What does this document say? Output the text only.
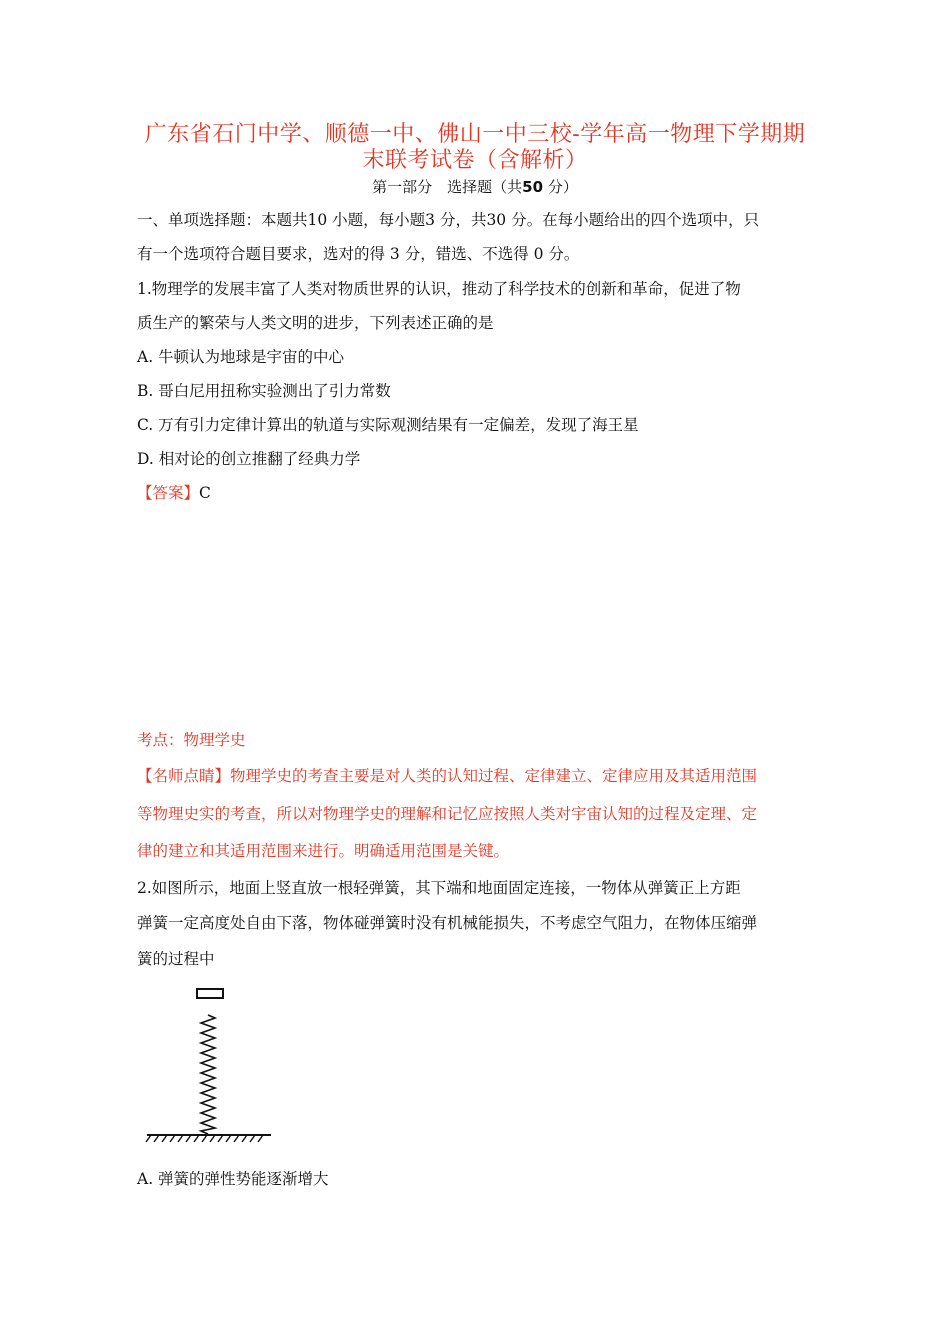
广东省石门中学、顺德一中、佛山一中三校-学年高一物理下学期期
末联考试卷（含解析）
第一部分　选择题（共50 分）
一、单项选择题：本题共10 小题，每小题3 分，共30 分。在每小题给出的四个选项中，只
有一个选项符合题目要求，选对的得 3 分，错选、不选得 0 分。
1.物理学的发展丰富了人类对物质世界的认识，推动了科学技术的创新和革命，促进了物
质生产的繁荣与人类文明的进步，下列表述正确的是
A. 牛顿认为地球是宇宙的中心
B. 哥白尼用扭称实验测出了引力常数
C. 万有引力定律计算出的轨道与实际观测结果有一定偏差，发现了海王星
D. 相对论的创立推翻了经典力学
【答案】C
考点：物理学史
【名师点睛】物理学史的考查主要是对人类的认知过程、定律建立、定律应用及其适用范围
等物理史实的考查，所以对物理学史的理解和记忆应按照人类对宇宙认知的过程及定理、定
律的建立和其适用范围来进行。明确适用范围是关键。
2.如图所示，地面上竖直放一根轻弹簧，其下端和地面固定连接，一物体从弹簧正上方距
弹簧一定高度处自由下落，物体碰弹簧时没有机械能损失，不考虑空气阻力，在物体压缩弹
簧的过程中
A. 弹簧的弹性势能逐渐增大
